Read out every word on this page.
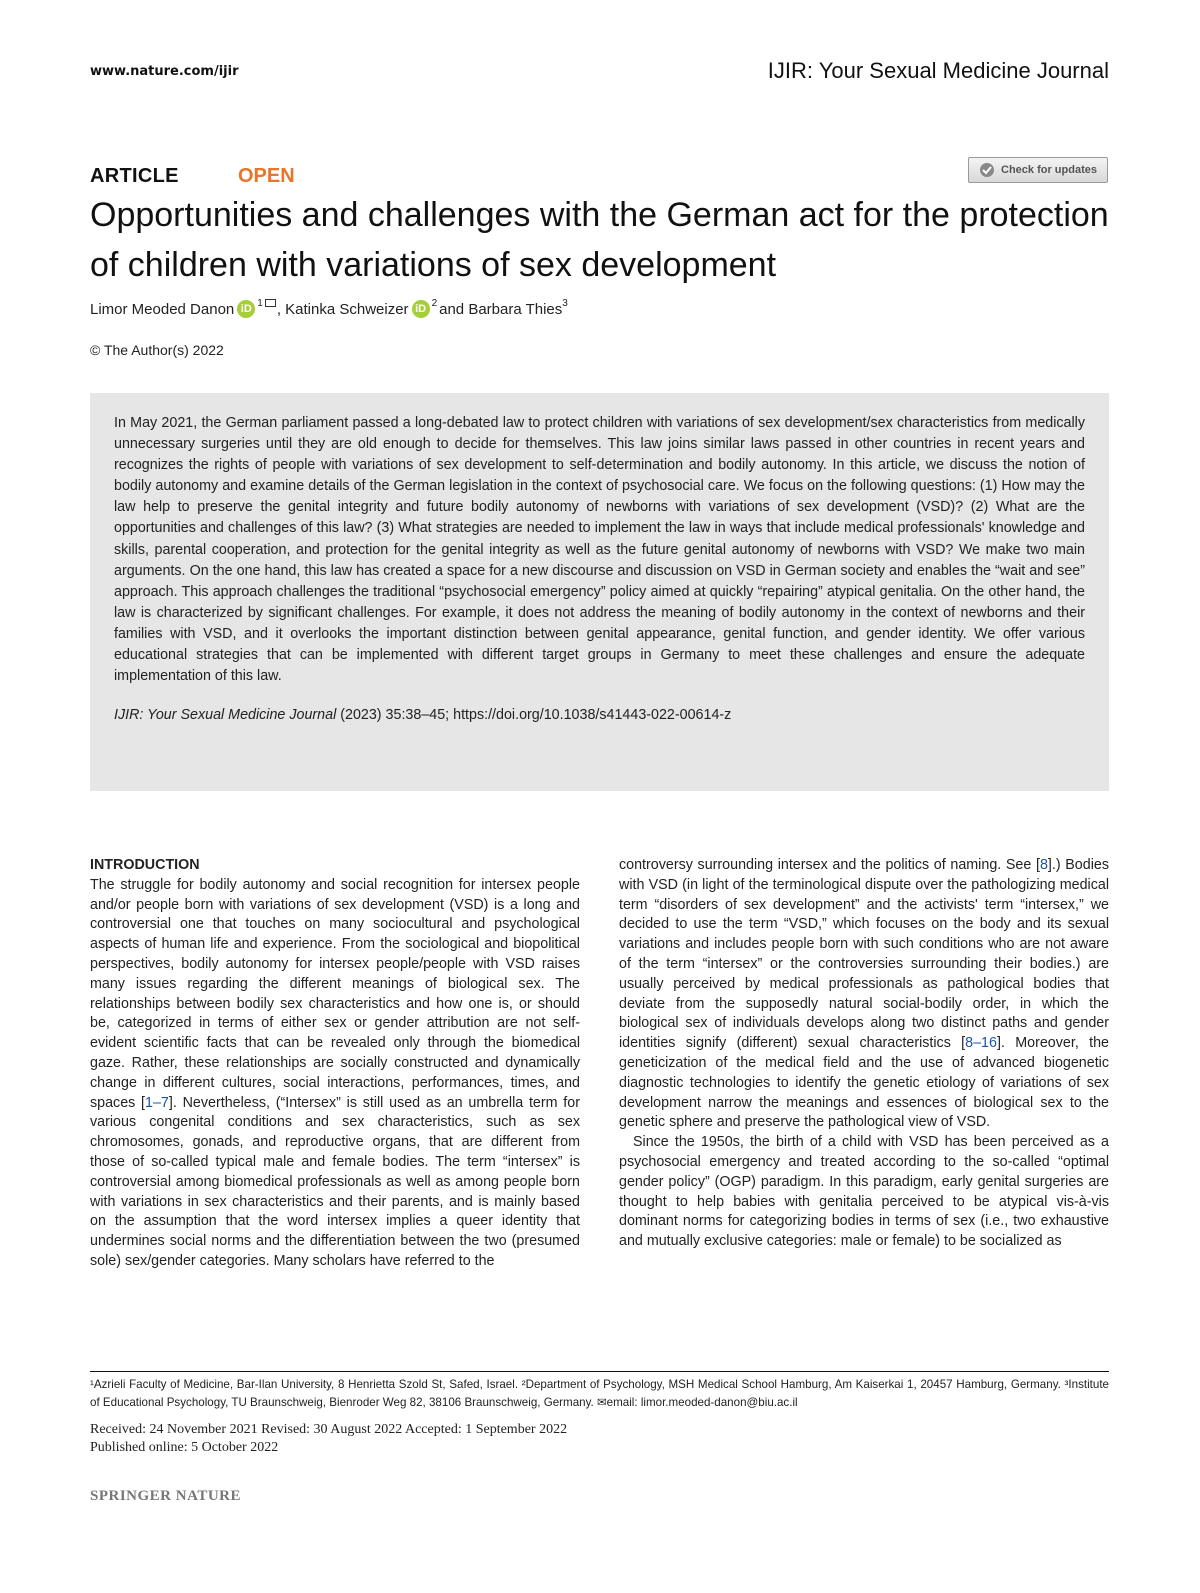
www.nature.com/ijir	IJIR: Your Sexual Medicine Journal
ARTICLE	OPEN	Check for updates
Opportunities and challenges with the German act for the protection of children with variations of sex development
Limor Meoded Danon iD 1 , Katinka Schweizer iD 2 and Barbara Thies 3
© The Author(s) 2022
In May 2021, the German parliament passed a long-debated law to protect children with variations of sex development/sex characteristics from medically unnecessary surgeries until they are old enough to decide for themselves. This law joins similar laws passed in other countries in recent years and recognizes the rights of people with variations of sex development to self-determination and bodily autonomy. In this article, we discuss the notion of bodily autonomy and examine details of the German legislation in the context of psychosocial care. We focus on the following questions: (1) How may the law help to preserve the genital integrity and future bodily autonomy of newborns with variations of sex development (VSD)? (2) What are the opportunities and challenges of this law? (3) What strategies are needed to implement the law in ways that include medical professionals' knowledge and skills, parental cooperation, and protection for the genital integrity as well as the future genital autonomy of newborns with VSD? We make two main arguments. On the one hand, this law has created a space for a new discourse and discussion on VSD in German society and enables the “wait and see” approach. This approach challenges the traditional “psychosocial emergency” policy aimed at quickly “repairing” atypical genitalia. On the other hand, the law is characterized by significant challenges. For example, it does not address the meaning of bodily autonomy in the context of newborns and their families with VSD, and it overlooks the important distinction between genital appearance, genital function, and gender identity. We offer various educational strategies that can be implemented with different target groups in Germany to meet these challenges and ensure the adequate implementation of this law.
IJIR: Your Sexual Medicine Journal (2023) 35:38–45; https://doi.org/10.1038/s41443-022-00614-z
INTRODUCTION
The struggle for bodily autonomy and social recognition for intersex people and/or people born with variations of sex development (VSD) is a long and controversial one that touches on many sociocultural and psychological aspects of human life and experience. From the sociological and biopolitical perspectives, bodily autonomy for intersex people/people with VSD raises many issues regarding the different meanings of biological sex. The relationships between bodily sex characteristics and how one is, or should be, categorized in terms of either sex or gender attribution are not self-evident scientific facts that can be revealed only through the biomedical gaze. Rather, these relationships are socially constructed and dynamically change in different cultures, social interactions, performances, times, and spaces [1–7]. Nevertheless, (“Intersex” is still used as an umbrella term for various congenital conditions and sex characteristics, such as sex chromosomes, gonads, and reproductive organs, that are different from those of so-called typical male and female bodies. The term “intersex” is controversial among biomedical professionals as well as among people born with variations in sex characteristics and their parents, and is mainly based on the assumption that the word intersex implies a queer identity that undermines social norms and the differentiation between the two (presumed sole) sex/gender categories. Many scholars have referred to the
controversy surrounding intersex and the politics of naming. See [8].) Bodies with VSD (in light of the terminological dispute over the pathologizing medical term “disorders of sex development” and the activists' term “intersex,” we decided to use the term “VSD,” which focuses on the body and its sexual variations and includes people born with such conditions who are not aware of the term “intersex” or the controversies surrounding their bodies.) are usually perceived by medical professionals as pathological bodies that deviate from the supposedly natural social-bodily order, in which the biological sex of individuals develops along two distinct paths and gender identities signify (different) sexual characteristics [8–16]. Moreover, the geneticization of the medical field and the use of advanced biogenetic diagnostic technologies to identify the genetic etiology of variations of sex development narrow the meanings and essences of biological sex to the genetic sphere and preserve the pathological view of VSD.
Since the 1950s, the birth of a child with VSD has been perceived as a psychosocial emergency and treated according to the so-called “optimal gender policy” (OGP) paradigm. In this paradigm, early genital surgeries are thought to help babies with genitalia perceived to be atypical vis-à-vis dominant norms for categorizing bodies in terms of sex (i.e., two exhaustive and mutually exclusive categories: male or female) to be socialized as
¹Azrieli Faculty of Medicine, Bar-Ilan University, 8 Henrietta Szold St, Safed, Israel. ²Department of Psychology, MSH Medical School Hamburg, Am Kaiserkai 1, 20457 Hamburg, Germany. ³Institute of Educational Psychology, TU Braunschweig, Bienroder Weg 82, 38106 Braunschweig, Germany. ✉email: limor.meoded-danon@biu.ac.il
Received: 24 November 2021 Revised: 30 August 2022 Accepted: 1 September 2022
Published online: 5 October 2022
SPRINGER NATURE
